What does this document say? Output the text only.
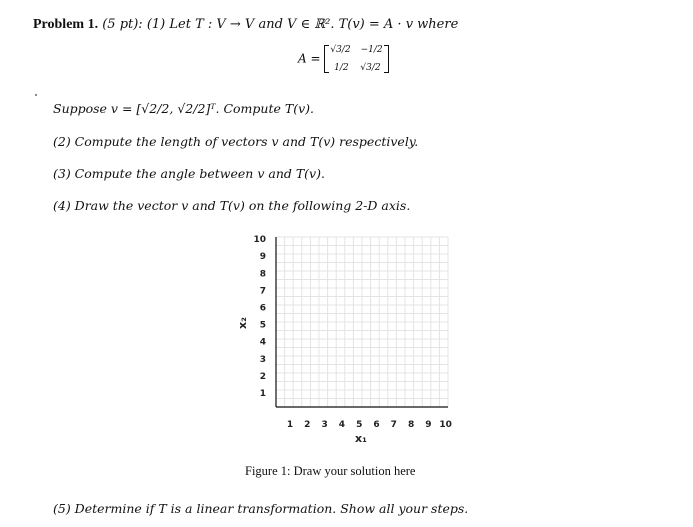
Problem 1. (5 pt): (1) Let T : V → V and V ∈ ℝ². T(v) = A · v where
A =
√3/2 −1/2
1/2 √3/2
Suppose v = [√2/2, √2/2]ᵀ. Compute T(v).
(2) Compute the length of vectors v and T(v) respectively.
(3) Compute the angle between v and T(v).
(4) Draw the vector v and T(v) on the following 2-D axis.
1 2 3 4 5 6 7 8 9 10
1
2
3
4
5
6
7
8
9
10
x₁
x₂
Figure 1: Draw your solution here
(5) Determine if T is a linear transformation. Show all your steps.
